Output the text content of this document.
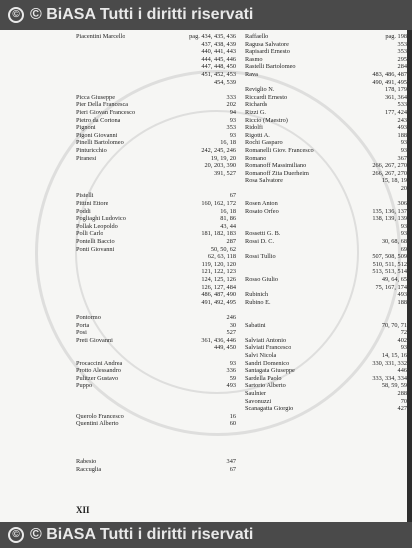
© © BiASA Tutti i diritti riservati
Piacentini Marcello	pag. 434, 435, 436
437, 438, 439
440, 441, 443
444, 445, 446
447, 448, 450
451, 452, 453
454, 539
Picca Giuseppe	333
Pier Della Francesca	202
Pieri Giovan Francesco	94
Pietro da Cortona	93
Pignoni	353
Pigoni Giovanni	93
Pinelli Bartolomeo	16, 18
Pinturicchio	242, 245, 246
Piranesi	19, 19, 20
20, 203, 390
391, 527
Pistelli	67
Pittini Ettore	160, 162, 172
Poddi	16, 18
Pogliaghi Ludovico	81, 86
Pollak Leopoldo	43, 44
Polli Carlo	181, 182, 183
Pontelli Baccio	287
Ponti Giovanni	50, 50, 62
62, 63, 118
119, 120, 120
121, 122, 123
124, 125, 126
126, 127, 484
486, 487, 490
491, 492, 495
Pontormo	246
Porta	30
Posi	527
Preti Giovanni	361, 436, 446
449, 450
Procaccini Andrea	93
Protto Alessandro	336
Pulitzer Gustavo	59
Puppo	493
Querolo Francesco	16
Quentini Alberto	60
Rabesio	347
Raccuglia	67
Raffaello	pag. 198
Ragusa Salvatore	353
Rapisardi Ernesto	353
Rasmo	295
Rastelli Bartolomeo	284
Rava	483, 486, 487
490, 491, 495
Reviglio N.	178, 179
Riccardi Ernesto	361, 364
Richards	533
Rizzi G.	177, 424
Riccio (Maestro)	243
Ridolfi	493
Rigotti A.	188
Rochi Gasparo	93
Romanelli Giov. Francesco	93
Romano	367
Romanoff Massimiliano	266, 267, 270
Romanoff Zita Duerheim	266, 267, 270
Rosa Salvatore	15, 18, 19
20
Rosen Anton	306
Rosato Orfeo	135, 136, 137
138, 139, 139
93
Rossetti G. B.	93
Rossi D. C.	30, 68, 68
69
Rossi Tullio	507, 508, 509
510, 511, 512
513, 513, 514
Rosso Giulio	49, 64, 65
75, 167, 174
Rubinich	493
Rubino E.	188
Sabatini	70, 70, 71
72
Salviati Antonio	402
Salviati Francesco	93
Salvi Nicola	14, 15, 16
Sandri Domenico	330, 331, 332
Santagata Giuseppe	446
Sardella Paolo	333, 334, 334
Sartorio Alberto	58, 59, 59
Saulnier	288
Savonuzzi	70
Scanagatta Giorgio	427
XII
© © BiASA Tutti i diritti riservati
